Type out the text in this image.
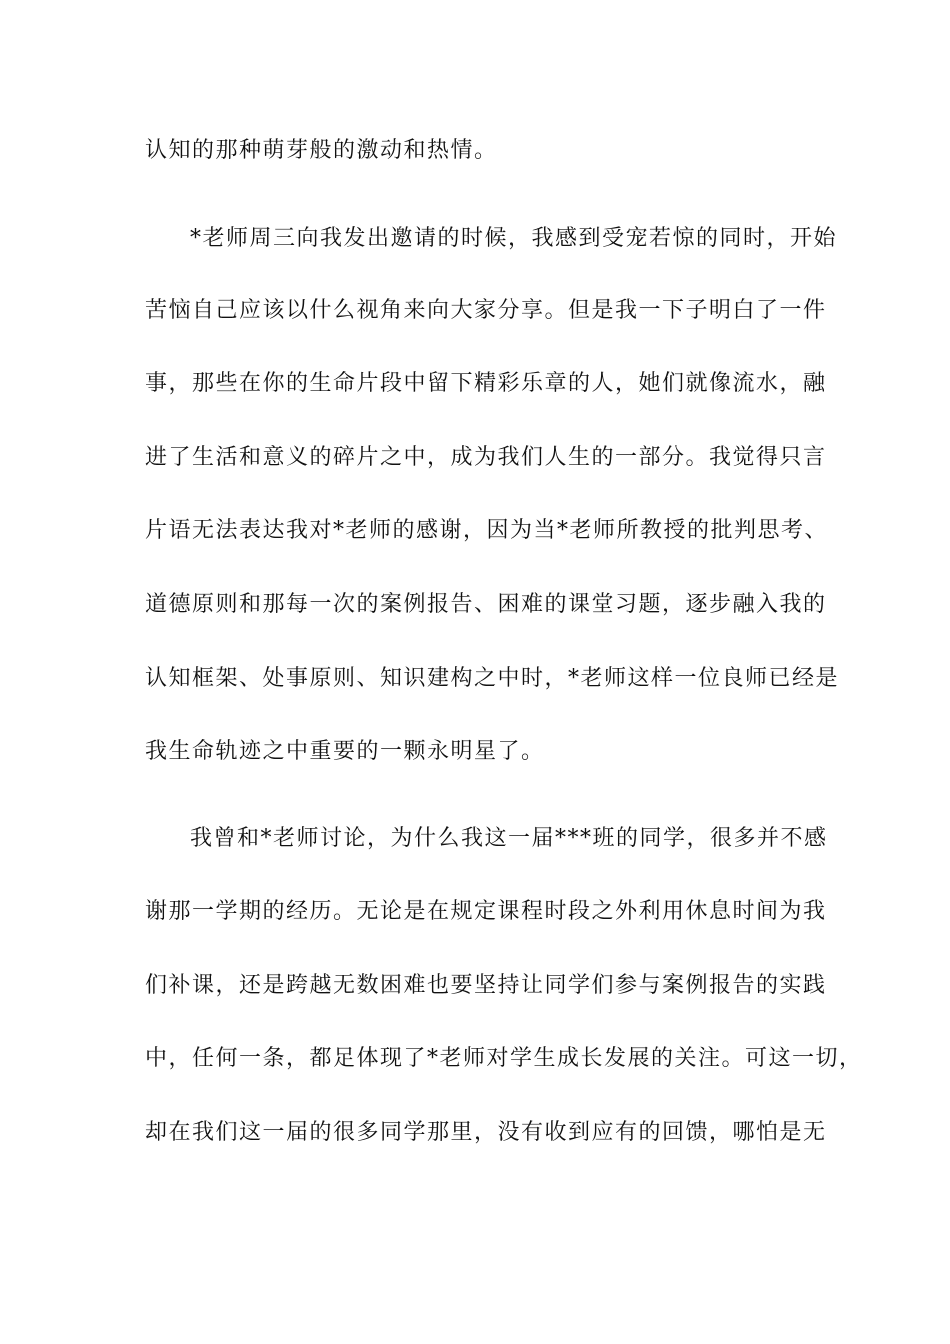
认知的那种萌芽般的激动和热情。
*老师周三向我发出邀请的时候，我感到受宠若惊的同时，开始
苦恼自己应该以什么视角来向大家分享。但是我一下子明白了一件
事，那些在你的生命片段中留下精彩乐章的人，她们就像流水，融
进了生活和意义的碎片之中，成为我们人生的一部分。我觉得只言
片语无法表达我对*老师的感谢，因为当*老师所教授的批判思考、
道德原则和那每一次的案例报告、困难的课堂习题，逐步融入我的
认知框架、处事原则、知识建构之中时，*老师这样一位良师已经是
我生命轨迹之中重要的一颗永明星了。
我曾和*老师讨论，为什么我这一届***班的同学，很多并不感
谢那一学期的经历。无论是在规定课程时段之外利用休息时间为我
们补课，还是跨越无数困难也要坚持让同学们参与案例报告的实践
中，任何一条，都足体现了*老师对学生成长发展的关注。可这一切，
却在我们这一届的很多同学那里，没有收到应有的回馈，哪怕是无
